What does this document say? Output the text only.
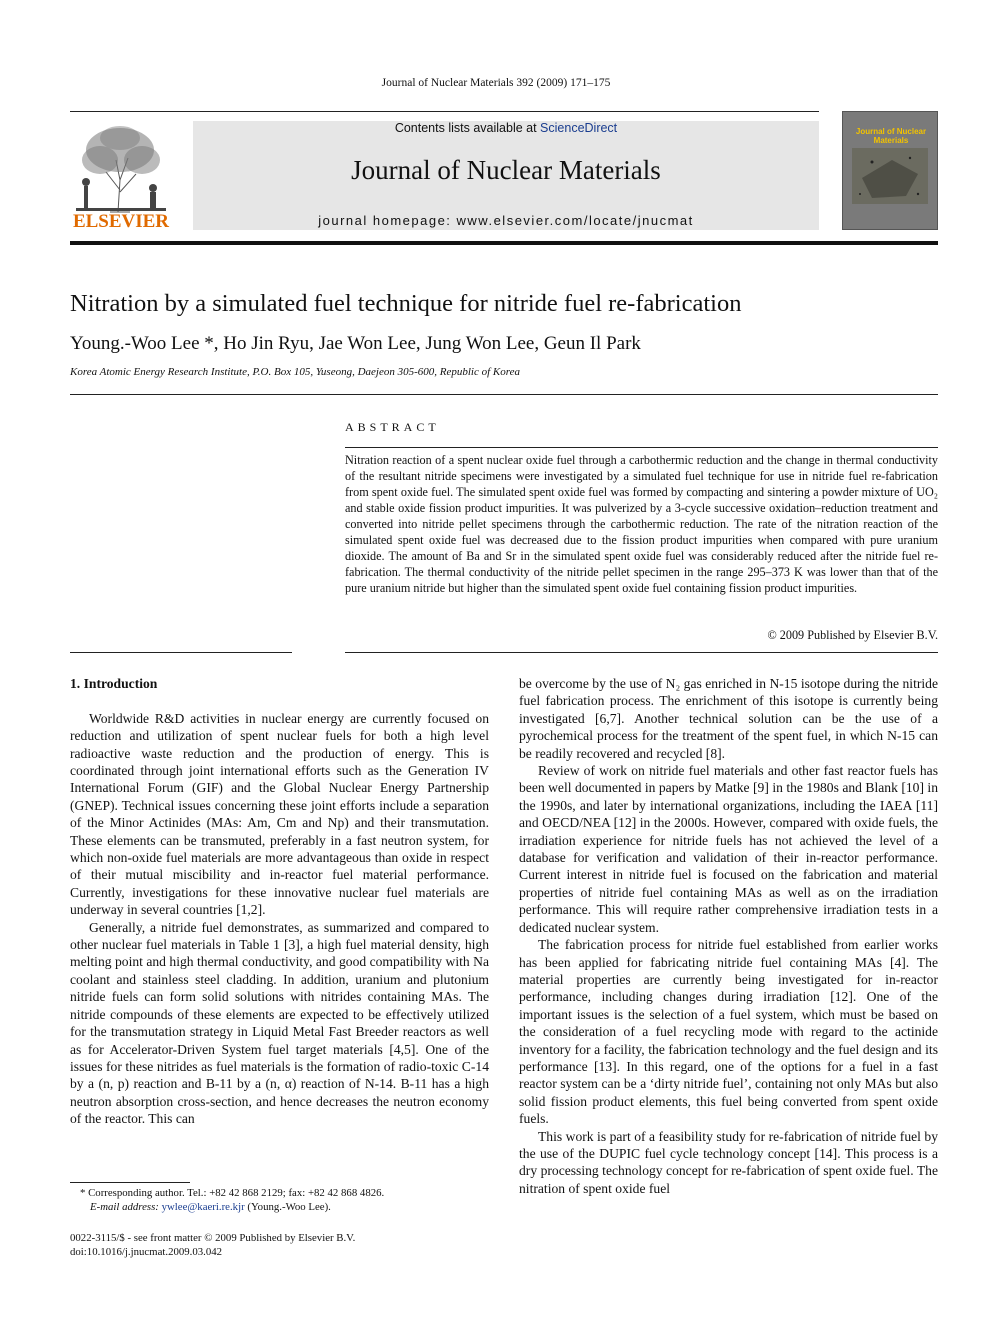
Journal of Nuclear Materials 392 (2009) 171–175
ELSEVIER
Contents lists available at ScienceDirect
Journal of Nuclear Materials
journal homepage: www.elsevier.com/locate/jnucmat
Journal of Nuclear Materials
Nitration by a simulated fuel technique for nitride fuel re-fabrication
Young.-Woo Lee *, Ho Jin Ryu, Jae Won Lee, Jung Won Lee, Geun Il Park
Korea Atomic Energy Research Institute, P.O. Box 105, Yuseong, Daejeon 305-600, Republic of Korea
ABSTRACT
Nitration reaction of a spent nuclear oxide fuel through a carbothermic reduction and the change in thermal conductivity of the resultant nitride specimens were investigated by a simulated fuel technique for use in nitride fuel re-fabrication from spent oxide fuel. The simulated spent oxide fuel was formed by compacting and sintering a powder mixture of UO₂ and stable oxide fission product impurities. It was pulverized by a 3-cycle successive oxidation–reduction treatment and converted into nitride pellet specimens through the carbothermic reduction. The rate of the nitration reaction of the simulated spent oxide fuel was decreased due to the fission product impurities when compared with pure uranium dioxide. The amount of Ba and Sr in the simulated spent oxide fuel was considerably reduced after the nitride fuel re-fabrication. The thermal conductivity of the nitride pellet specimen in the range 295–373 K was lower than that of the pure uranium nitride but higher than the simulated spent oxide fuel containing fission product impurities.
© 2009 Published by Elsevier B.V.

1. Introduction

Worldwide R&D activities in nuclear energy are currently focused on reduction and utilization of spent nuclear fuels for both a high level radioactive waste reduction and the production of energy. This is coordinated through joint international efforts such as the Generation IV International Forum (GIF) and the Global Nuclear Energy Partnership (GNEP). Technical issues concerning these joint efforts include a separation of the Minor Actinides (MAs: Am, Cm and Np) and their transmutation. These elements can be transmuted, preferably in a fast neutron system, for which non-oxide fuel materials are more advantageous than oxide in respect of their mutual miscibility and in-reactor fuel material performance. Currently, investigations for these innovative nuclear fuel materials are underway in several countries [1,2].

Generally, a nitride fuel demonstrates, as summarized and compared to other nuclear fuel materials in Table 1 [3], a high fuel material density, high melting point and high thermal conductivity, and good compatibility with Na coolant and stainless steel cladding. In addition, uranium and plutonium nitride fuels can form solid solutions with nitrides containing MAs. The nitride compounds of these elements are expected to be effectively utilized for the transmutation strategy in Liquid Metal Fast Breeder reactors as well as for Accelerator-Driven System fuel target materials [4,5]. One of the issues for these nitrides as fuel materials is the formation of radio-toxic C-14 by a (n, p) reaction and B-11 by a (n, α) reaction of N-14. B-11 has a high neutron absorption cross-section, and hence decreases the neutron economy of the reactor. This can

be overcome by the use of N₂ gas enriched in N-15 isotope during the nitride fuel fabrication process. The enrichment of this isotope is currently being investigated [6,7]. Another technical solution can be the use of a pyrochemical process for the treatment of the spent fuel, in which N-15 can be readily recovered and recycled [8].

Review of work on nitride fuel materials and other fast reactor fuels has been well documented in papers by Matke [9] in the 1980s and Blank [10] in the 1990s, and later by international organizations, including the IAEA [11] and OECD/NEA [12] in the 2000s. However, compared with oxide fuels, the irradiation experience for nitride fuels has not achieved the level of a database for verification and validation of their in-reactor performance. Current interest in nitride fuel is focused on the fabrication and material properties of nitride fuel containing MAs as well as on the irradiation performance. This will require rather comprehensive irradiation tests in a dedicated nuclear system.

The fabrication process for nitride fuel established from earlier works has been applied for fabricating nitride fuel containing MAs [4]. The material properties are currently being investigated for in-reactor performance, including changes during irradiation [12]. One of the important issues is the selection of a fuel system, which must be based on the consideration of a fuel recycling mode with regard to the actinide inventory for a facility, the fabrication technology and the fuel design and its performance [13]. In this regard, one of the options for a fuel in a fast reactor system can be a ‘dirty nitride fuel’, containing not only MAs but also solid fission product elements, this fuel being converted from spent oxide fuels.

This work is part of a feasibility study for re-fabrication of nitride fuel by the use of the DUPIC fuel cycle technology concept [14]. This process is a dry processing technology concept for re-fabrication of spent oxide fuel. The nitration of spent oxide fuel

* Corresponding author. Tel.: +82 42 868 2129; fax: +82 42 868 4826.
E-mail address: ywlee@kaeri.re.kjr (Young.-Woo Lee).
0022-3115/$ - see front matter © 2009 Published by Elsevier B.V.
doi:10.1016/j.jnucmat.2009.03.042
